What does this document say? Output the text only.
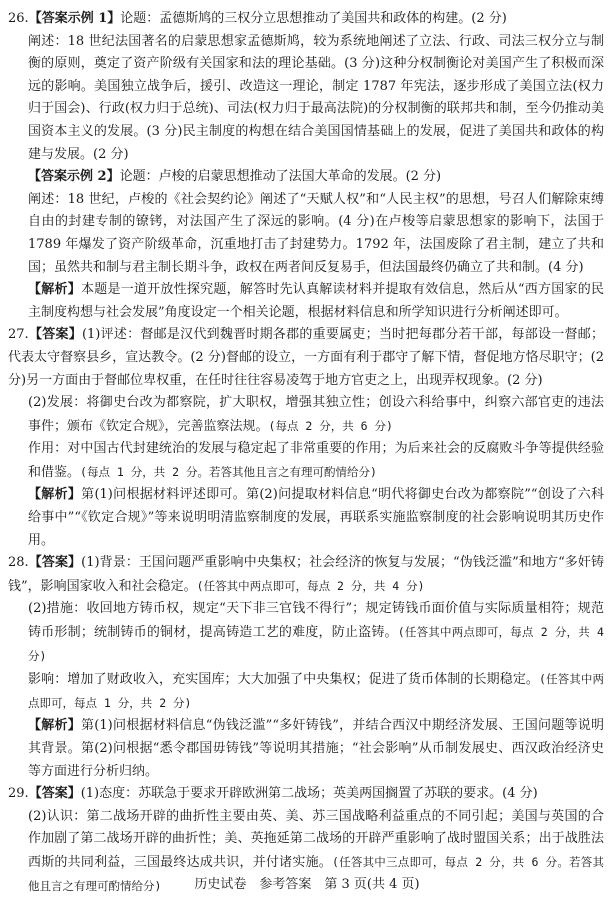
26.【答案示例 1】论题：孟德斯鸠的三权分立思想推动了美国共和政体的构建。(2 分)

阐述：18 世纪法国著名的启蒙思想家孟德斯鸠，较为系统地阐述了立法、行政、司法三权分立与制衡的原则，奠定了资产阶级有关国家和法的理论基础。(3 分)这种分权制衡论对美国产生了积极而深远的影响。美国独立战争后，援引、改造这一理论，制定 1787 年宪法，逐步形成了美国立法(权力归于国会)、行政(权力归于总统)、司法(权力归于最高法院)的分权制衡的联邦共和制，至今仍推动美国资本主义的发展。(3 分)民主制度的构想在结合美国国情基础上的发展，促进了美国共和政体的构建与发展。(2 分)

【答案示例 2】论题：卢梭的启蒙思想推动了法国大革命的发展。(2 分)

阐述：18 世纪，卢梭的《社会契约论》阐述了“天赋人权”和“人民主权”的思想，号召人们解除束缚自由的封建专制的镣铐，对法国产生了深远的影响。(4 分)在卢梭等启蒙思想家的影响下，法国于 1789 年爆发了资产阶级革命，沉重地打击了封建势力。1792 年，法国废除了君主制，建立了共和国；虽然共和制与君主制长期斗争，政权在两者间反复易手，但法国最终仍确立了共和制。(4 分)

【解析】本题是一道开放性探究题，解答时先认真解读材料并提取有效信息，然后从“西方国家的民主制度构想与社会发展”角度设定一个相关论题，根据材料信息和所学知识进行分析阐述即可。

27.【答案】(1)评述：督邮是汉代到魏晋时期各郡的重要属吏；当时把每郡分若干部，每部设一督邮；代表太守督察县乡，宣达教令。(2 分)督邮的设立，一方面有利于郡守了解下情，督促地方恪尽职守；(2 分)另一方面由于督邮位卑权重，在任时往往容易凌驾于地方官吏之上，出现弄权现象。(2 分)

(2)发展：将御史台改为都察院，扩大职权，增强其独立性；创设六科给事中，纠察六部官吏的违法事件；颁布《钦定合规》，完善监察法规。(每点 2 分，共 6 分)

作用：对中国古代封建统治的发展与稳定起了非常重要的作用；为后来社会的反腐败斗争等提供经验和借鉴。(每点 1 分，共 2 分。若答其他且言之有理可酌情给分)

【解析】第(1)问根据材料评述即可。第(2)问提取材料信息“明代将御史台改为都察院”“创设了六科给事中”“《钦定合规》”等来说明明清监察制度的发展，再联系实施监察制度的社会影响说明其历史作用。

28.【答案】(1)背景：王国问题严重影响中央集权；社会经济的恢复与发展；“伪钱泛滥”和地方“多奸铸钱”，影响国家收入和社会稳定。(任答其中两点即可，每点 2 分，共 4 分)

(2)措施：收回地方铸币权，规定“天下非三官钱不得行”；规定铸钱币面价值与实际质量相符；规范铸币形制；统制铸币的铜材，提高铸造工艺的难度，防止盗铸。(任答其中两点即可，每点 2 分，共 4 分)

影响：增加了财政收入，充实国库；大大加强了中央集权；促进了货币体制的长期稳定。(任答其中两点即可，每点 1 分，共 2 分)

【解析】第(1)问根据材料信息“伪钱泛滥”“多奸铸钱”，并结合西汉中期经济发展、王国问题等说明其背景。第(2)问根据“悉令郡国毋铸钱”等说明其措施；“社会影响”从币制发展史、西汉政治经济史等方面进行分析归纳。

29.【答案】(1)态度：苏联急于要求开辟欧洲第二战场；英美两国搁置了苏联的要求。(4 分)

(2)认识：第二战场开辟的曲折性主要由英、美、苏三国战略利益重点的不同引起；美国与英国的合作加剧了第二战场开辟的曲折性；美、英拖延第二战场的开辟严重影响了战时盟国关系；出于战胜法西斯的共同利益，三国最终达成共识，并付诸实施。(任答其中三点即可，每点 2 分，共 6 分。若答其他且言之有理可酌情给分)	历史试卷　参考答案　第 3 页(共 4 页)
